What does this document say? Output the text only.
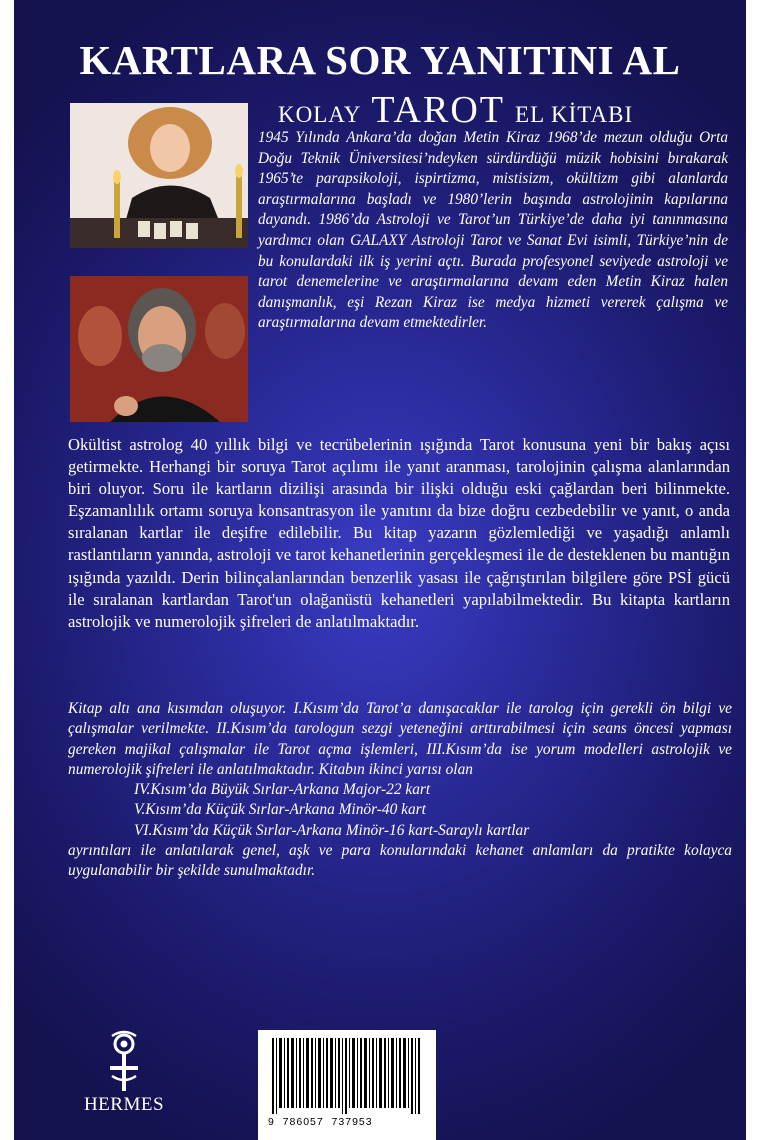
KARTLARA SOR YANITINI AL
KOLAY TAROT EL KİTABI

1945 Yılında Ankara’da doğan Metin Kiraz 1968’de mezun olduğu Orta Doğu Teknik Üniversitesi’ndeyken sürdürdüğü müzik hobisini bırakarak 1965’te parapsikoloji, ispirtizma, mistisizm, okültizm gibi alanlarda araştırmalarına başladı ve 1980’lerin başında astrolojinin kapılarına dayandı. 1986’da Astroloji ve Tarot’un Türkiye’de daha iyi tanınmasına yardımcı olan GALAXY Astroloji Tarot ve Sanat Evi isimli, Türkiye’nin de bu konulardaki ilk iş yerini açtı. Burada profesyonel seviyede astroloji ve tarot denemelerine ve araştırmalarına devam eden Metin Kiraz halen danışmanlık, eşi Rezan Kiraz ise medya hizmeti vererek çalışma ve araştırmalarına devam etmektedirler.

Okültist astrolog 40 yıllık bilgi ve tecrübelerinin ışığında Tarot konusuna yeni bir bakış açısı getirmekte. Herhangi bir soruya Tarot açılımı ile yanıt aranması, tarolojinin çalışma alanlarından biri oluyor. Soru ile kartların dizilişi arasında bir ilişki olduğu eski çağlardan beri bilinmekte. Eşzamanlılık ortamı soruya konsantrasyon ile yanıtını da bize doğru cezbedebilir ve yanıt, o anda sıralanan kartlar ile deşifre edilebilir. Bu kitap yazarın gözlemlediği ve yaşadığı anlamlı rastlantıların yanında, astroloji ve tarot kehanetlerinin gerçekleşmesi ile de desteklenen bu mantığın ışığında yazıldı. Derin bilinçalanlarından benzerlik yasası ile çağrıştırılan bilgilere göre PSİ gücü ile sıralanan kartlardan Tarot'un olağanüstü kehanetleri yapılabilmektedir. Bu kitapta kartların astrolojik ve numerolojik şifreleri de anlatılmaktadır.

Kitap altı ana kısımdan oluşuyor. I.Kısım’da Tarot’a danışacaklar ile tarolog için gerekli ön bilgi ve çalışmalar verilmekte. II.Kısım’da tarologun sezgi yeteneğini arttırabilmesi için seans öncesi yapması gereken majikal çalışmalar ile Tarot açma işlemleri, III.Kısım’da ise yorum modelleri astrolojik ve numerolojik şifreleri ile anlatılmaktadır. Kitabın ikinci yarısı olan
IV.Kısım’da Büyük Sırlar-Arkana Major-22 kart
V.Kısım’da Küçük Sırlar-Arkana Minör-40 kart
VI.Kısım’da Küçük Sırlar-Arkana Minör-16 kart-Saraylı kartlar
ayrıntıları ile anlatılarak genel, aşk ve para konularındaki kehanet anlamları da pratikte kolayca uygulanabilir bir şekilde sunulmaktadır.
HERMES
9  786057  737953
